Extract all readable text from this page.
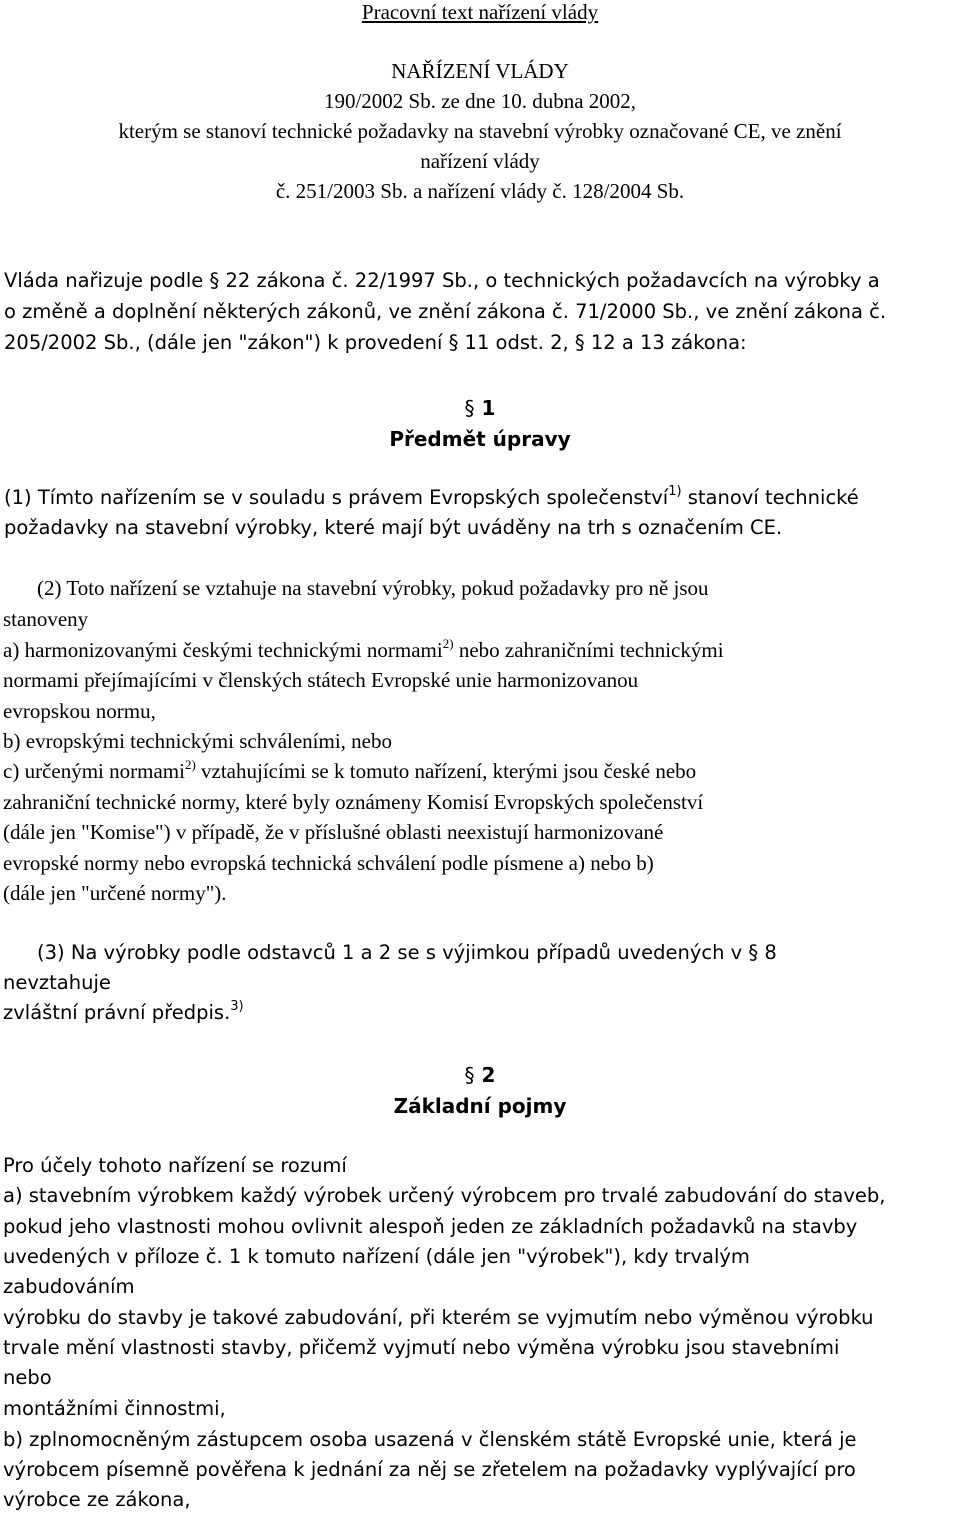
Pracovní text nařízení vlády
NAŘÍZENÍ VLÁDY
190/2002 Sb. ze dne 10. dubna 2002,
kterým se stanoví technické požadavky na stavební výrobky označované CE, ve znění
nařízení vlády
č. 251/2003 Sb. a nařízení vlády č. 128/2004 Sb.
Vláda nařizuje podle § 22 zákona č. 22/1997 Sb., o technických požadavcích na výrobky a
o změně a doplnění některých zákonů, ve znění zákona č. 71/2000 Sb., ve znění zákona č.
205/2002 Sb., (dále jen "zákon") k provedení § 11 odst. 2, § 12 a 13 zákona:
§ 1
Předmět úpravy
(1) Tímto nařízením se v souladu s právem Evropských společenství$^{1)}$ stanoví technické
požadavky na stavební výrobky, které mají být uváděny na trh s označením CE.
(2) Toto nařízení se vztahuje na stavební výrobky, pokud požadavky pro ně jsou
stanoveny
a) harmonizovanými českými technickými normami$^{2)}$ nebo zahraničními technickými
normami přejímajícími v členských státech Evropské unie harmonizovanou
evropskou normu,
b) evropskými technickými schváleními, nebo
c) určenými normami$^{2)}$ vztahujícími se k tomuto nařízení, kterými jsou české nebo
zahraniční technické normy, které byly oznámeny Komisí Evropských společenství
(dále jen "Komise") v případě, že v příslušné oblasti neexistují harmonizované
evropské normy nebo evropská technická schválení podle písmene a) nebo b)
(dále jen "určené normy").
(3) Na výrobky podle odstavců 1 a 2 se s výjimkou případů uvedených v § 8
nevztahuje
zvláštní právní předpis.$^{3)}$
§ 2
Základní pojmy
Pro účely tohoto nařízení se rozumí
a) stavebním výrobkem každý výrobek určený výrobcem pro trvalé zabudování do staveb,
pokud jeho vlastnosti mohou ovlivnit alespoň jeden ze základních požadavků na stavby
uvedených v příloze č. 1 k tomuto nařízení (dále jen "výrobek"), kdy trvalým
zabudováním
výrobku do stavby je takové zabudování, při kterém se vyjmutím nebo výměnou výrobku
trvale mění vlastnosti stavby, přičemž vyjmutí nebo výměna výrobku jsou stavebními
nebo
montážními činnostmi,
b) zplnomocněným zástupcem osoba usazená v členském státě Evropské unie, která je
výrobcem písemně pověřena k jednání za něj se zřetelem na požadavky vyplývající pro
výrobce ze zákona,
